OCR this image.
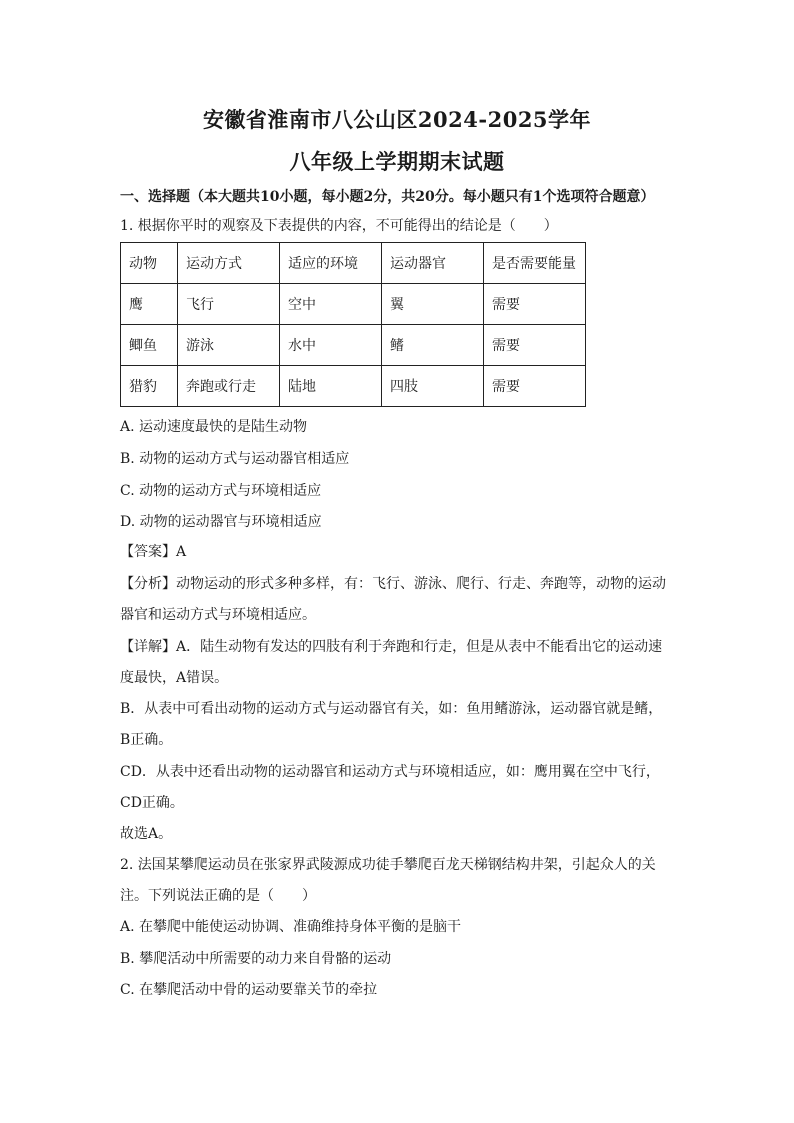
安徽省淮南市八公山区2024-2025学年
八年级上学期期末试题
一、选择题（本大题共10小题，每小题2分，共20分。每小题只有1个选项符合题意）
1. 根据你平时的观察及下表提供的内容，不可能得出的结论是（　　）
动物	运动方式	适应的环境	运动器官	是否需要能量
鹰	飞行	空中	翼	需要
鲫鱼	游泳	水中	鳍	需要
猎豹	奔跑或行走	陆地	四肢	需要
A. 运动速度最快的是陆生动物
B. 动物的运动方式与运动器官相适应
C. 动物的运动方式与环境相适应
D. 动物的运动器官与环境相适应
【答案】A
【分析】动物运动的形式多种多样，有：飞行、游泳、爬行、行走、奔跑等，动物的运动
器官和运动方式与环境相适应。
【详解】A．陆生动物有发达的四肢有利于奔跑和行走，但是从表中不能看出它的运动速
度最快，A错误。
B．从表中可看出动物的运动方式与运动器官有关，如：鱼用鳍游泳，运动器官就是鳍，
B正确。
CD．从表中还看出动物的运动器官和运动方式与环境相适应，如：鹰用翼在空中飞行，
CD正确。
故选A。
2. 法国某攀爬运动员在张家界武陵源成功徒手攀爬百龙天梯钢结构井架，引起众人的关
注。下列说法正确的是（　　）
A. 在攀爬中能使运动协调、准确维持身体平衡的是脑干
B. 攀爬活动中所需要的动力来自骨骼的运动
C. 在攀爬活动中骨的运动要靠关节的牵拉
